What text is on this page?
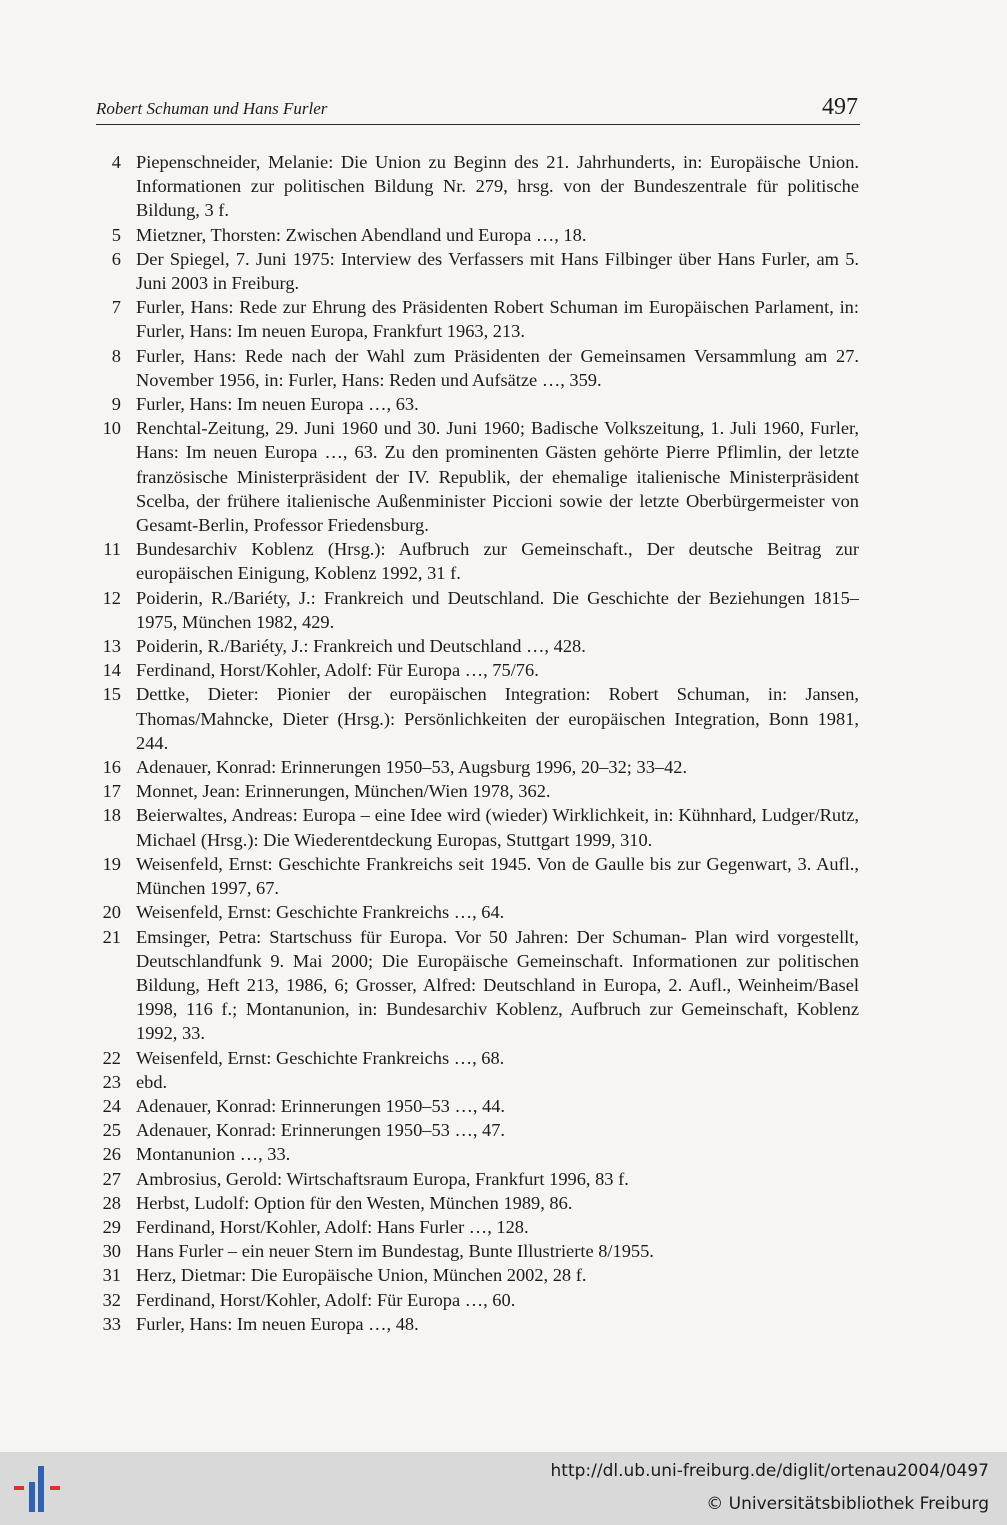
Robert Schuman und Hans Furler	497
4 Piepenschneider, Melanie: Die Union zu Beginn des 21. Jahrhunderts, in: Europäische Union. Informationen zur politischen Bildung Nr. 279, hrsg. von der Bundeszentrale für politische Bildung, 3 f.
5 Mietzner, Thorsten: Zwischen Abendland und Europa …, 18.
6 Der Spiegel, 7. Juni 1975: Interview des Verfassers mit Hans Filbinger über Hans Furler, am 5. Juni 2003 in Freiburg.
7 Furler, Hans: Rede zur Ehrung des Präsidenten Robert Schuman im Europäischen Parlament, in: Furler, Hans: Im neuen Europa, Frankfurt 1963, 213.
8 Furler, Hans: Rede nach der Wahl zum Präsidenten der Gemeinsamen Versammlung am 27. November 1956, in: Furler, Hans: Reden und Aufsätze …, 359.
9 Furler, Hans: Im neuen Europa …, 63.
10 Renchtal-Zeitung, 29. Juni 1960 und 30. Juni 1960; Badische Volkszeitung, 1. Juli 1960, Furler, Hans: Im neuen Europa …, 63. Zu den prominenten Gästen gehörte Pierre Pflimlin, der letzte französische Ministerpräsident der IV. Republik, der ehemalige italienische Ministerpräsident Scelba, der frühere italienische Außenminister Piccioni sowie der letzte Oberbürgermeister von Gesamt-Berlin, Professor Friedensburg.
11 Bundesarchiv Koblenz (Hrsg.): Aufbruch zur Gemeinschaft., Der deutsche Beitrag zur europäischen Einigung, Koblenz 1992, 31 f.
12 Poiderin, R./Bariéty, J.: Frankreich und Deutschland. Die Geschichte der Beziehungen 1815–1975, München 1982, 429.
13 Poiderin, R./Bariéty, J.: Frankreich und Deutschland …, 428.
14 Ferdinand, Horst/Kohler, Adolf: Für Europa …, 75/76.
15 Dettke, Dieter: Pionier der europäischen Integration: Robert Schuman, in: Jansen, Thomas/Mahncke, Dieter (Hrsg.): Persönlichkeiten der europäischen Integration, Bonn 1981, 244.
16 Adenauer, Konrad: Erinnerungen 1950–53, Augsburg 1996, 20–32; 33–42.
17 Monnet, Jean: Erinnerungen, München/Wien 1978, 362.
18 Beierwaltes, Andreas: Europa – eine Idee wird (wieder) Wirklichkeit, in: Kühnhard, Ludger/Rutz, Michael (Hrsg.): Die Wiederentdeckung Europas, Stuttgart 1999, 310.
19 Weisenfeld, Ernst: Geschichte Frankreichs seit 1945. Von de Gaulle bis zur Gegenwart, 3. Aufl., München 1997, 67.
20 Weisenfeld, Ernst: Geschichte Frankreichs …, 64.
21 Emsinger, Petra: Startschuss für Europa. Vor 50 Jahren: Der Schuman- Plan wird vorgestellt, Deutschlandfunk 9. Mai 2000; Die Europäische Gemeinschaft. Informationen zur politischen Bildung, Heft 213, 1986, 6; Grosser, Alfred: Deutschland in Europa, 2. Aufl., Weinheim/Basel 1998, 116 f.; Montanunion, in: Bundesarchiv Koblenz, Aufbruch zur Gemeinschaft, Koblenz 1992, 33.
22 Weisenfeld, Ernst: Geschichte Frankreichs …, 68.
23 ebd.
24 Adenauer, Konrad: Erinnerungen 1950–53 …, 44.
25 Adenauer, Konrad: Erinnerungen 1950–53 …, 47.
26 Montanunion …, 33.
27 Ambrosius, Gerold: Wirtschaftsraum Europa, Frankfurt 1996, 83 f.
28 Herbst, Ludolf: Option für den Westen, München 1989, 86.
29 Ferdinand, Horst/Kohler, Adolf: Hans Furler …, 128.
30 Hans Furler – ein neuer Stern im Bundestag, Bunte Illustrierte 8/1955.
31 Herz, Dietmar: Die Europäische Union, München 2002, 28 f.
32 Ferdinand, Horst/Kohler, Adolf: Für Europa …, 60.
33 Furler, Hans: Im neuen Europa …, 48.
http://dl.ub.uni-freiburg.de/diglit/ortenau2004/0497
© Universitätsbibliothek Freiburg
